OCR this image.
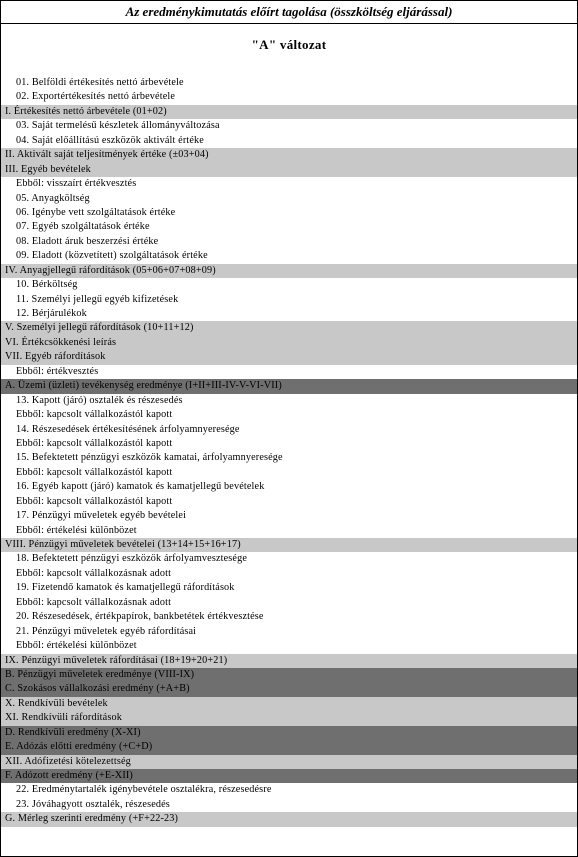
Az eredménykimutatás előírt tagolása (összköltség eljárással)
"A" változat
01. Belföldi értékesítés nettó árbevétele
02. Exportértékesítés nettó árbevétele
I. Értékesítés nettó árbevétele (01+02)
03. Saját termelésű készletek állományváltozása
04. Saját előállítású eszközök aktivált értéke
II. Aktivált saját teljesítmények értéke (±03+04)
III. Egyéb bevételek
Ebből: visszaírt értékvesztés
05. Anyagköltség
06. Igénybe vett szolgáltatások értéke
07. Egyéb szolgáltatások értéke
08. Eladott áruk beszerzési értéke
09. Eladott (közvetített) szolgáltatások értéke
IV. Anyagjellegű ráfordítások (05+06+07+08+09)
10. Bérköltség
11. Személyi jellegű egyéb kifizetések
12. Bérjárulékok
V. Személyi jellegű ráfordítások (10+11+12)
VI. Értékcsökkenési leírás
VII. Egyéb ráfordítások
Ebből: értékvesztés
A. Üzemi (üzleti) tevékenység eredménye (I+II+III-IV-V-VI-VII)
13. Kapott (járó) osztalék és részesedés
Ebből: kapcsolt vállalkozástól kapott
14. Részesedések értékesítésének árfolyamnyeresége
Ebből: kapcsolt vállalkozástól kapott
15. Befektetett pénzügyi eszközök kamatai, árfolyamnyeresége
Ebből: kapcsolt vállalkozástól kapott
16. Egyéb kapott (járó) kamatok és kamatjellegű bevételek
Ebből: kapcsolt vállalkozástól kapott
17. Pénzügyi műveletek egyéb bevételei
Ebből: értékelési különbözet
VIII. Pénzügyi műveletek bevételei (13+14+15+16+17)
18. Befektetett pénzügyi eszközök árfolyamvesztesége
Ebből: kapcsolt vállalkozásnak adott
19. Fizetendő kamatok és kamatjellegű ráfordítások
Ebből: kapcsolt vállalkozásnak adott
20. Részesedések, értékpapírok, bankbetétek értékvesztése
21. Pénzügyi műveletek egyéb ráfordításai
Ebből: értékelési különbözet
IX. Pénzügyi műveletek ráfordításai (18+19+20+21)
B. Pénzügyi műveletek eredménye (VIII-IX)
C. Szokásos vállalkozási eredmény (+A+B)
X. Rendkívüli bevételek
XI. Rendkívüli ráfordítások
D. Rendkívüli eredmény (X-XI)
E. Adózás előtti eredmény (+C+D)
XII. Adófizetési kötelezettség
F. Adózott eredmény (+E-XII)
22. Eredménytartalék igénybevétele osztalékra, részesedésre
23. Jóváhagyott osztalék, részesedés
G. Mérleg szerinti eredmény (+F+22-23)
